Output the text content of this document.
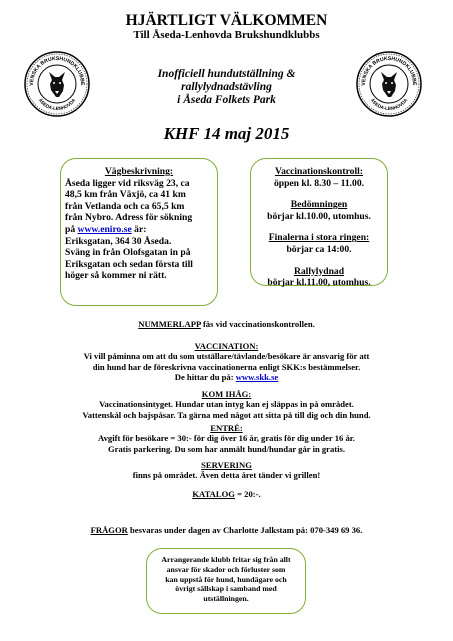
HJÄRTLIGT VÄLKOMMEN
Till Åseda-Lenhovda Brukshundklubbs
VENSKA BRUKSHUNDKLUBBE
ÅSEDA-LENHOVDA
VENSKA BRUKSHUNDKLUBBE
ÅSEDA-LENHOVDA
Inofficiell hundutställning &
rallylydnadstävling
i Åseda Folkets Park
KHF 14 maj 2015
Vägbeskrivning:
Åseda ligger vid riksväg 23, ca
48,5 km från Växjö, ca 41 km
från Vetlanda och ca 65,5 km
från Nybro. Adress för sökning
på www.eniro.se är:
Eriksgatan, 364 30 Åseda.
Sväng in från Olofsgatan in på
Eriksgatan och sedan första till
höger så kommer ni rätt.
Vaccinationskontroll:
öppen kl. 8.30 – 11.00.
Bedömningen
börjar kl.10.00, utomhus.
Finalerna i stora ringen:
börjar ca 14:00.
Rallylydnad
börjar kl.11.00, utomhus.
NUMMERLAPP fås vid vaccinationskontrollen.
VACCINATION:
Vi vill påminna om att du som utställare/tävlande/besökare är ansvarig för att
din hund har de föreskrivna vaccinationerna enligt SKK:s bestämmelser.
De hittar du på: www.skk.se
KOM IHÅG:
Vaccinationsintyget. Hundar utan intyg kan ej släppas in på området.
Vattenskål och bajspåsar. Ta gärna med något att sitta på till dig och din hund.
ENTRÉ:
Avgift för besökare = 30:- för dig över 16 år, gratis för dig under 16 år.
Gratis parkering. Du som har anmält hund/hundar går in gratis.
SERVERING
finns på området. Även detta året tänder vi grillen!
KATALOG = 20:-.
FRÅGOR besvaras under dagen av Charlotte Jalkstam på: 070-349 69 36.
Arrangerande klubb fritar sig från allt
ansvar för skador och förluster som
kan uppstå för hund, hundägare och
övrigt sällskap i samband med
utställningen.
